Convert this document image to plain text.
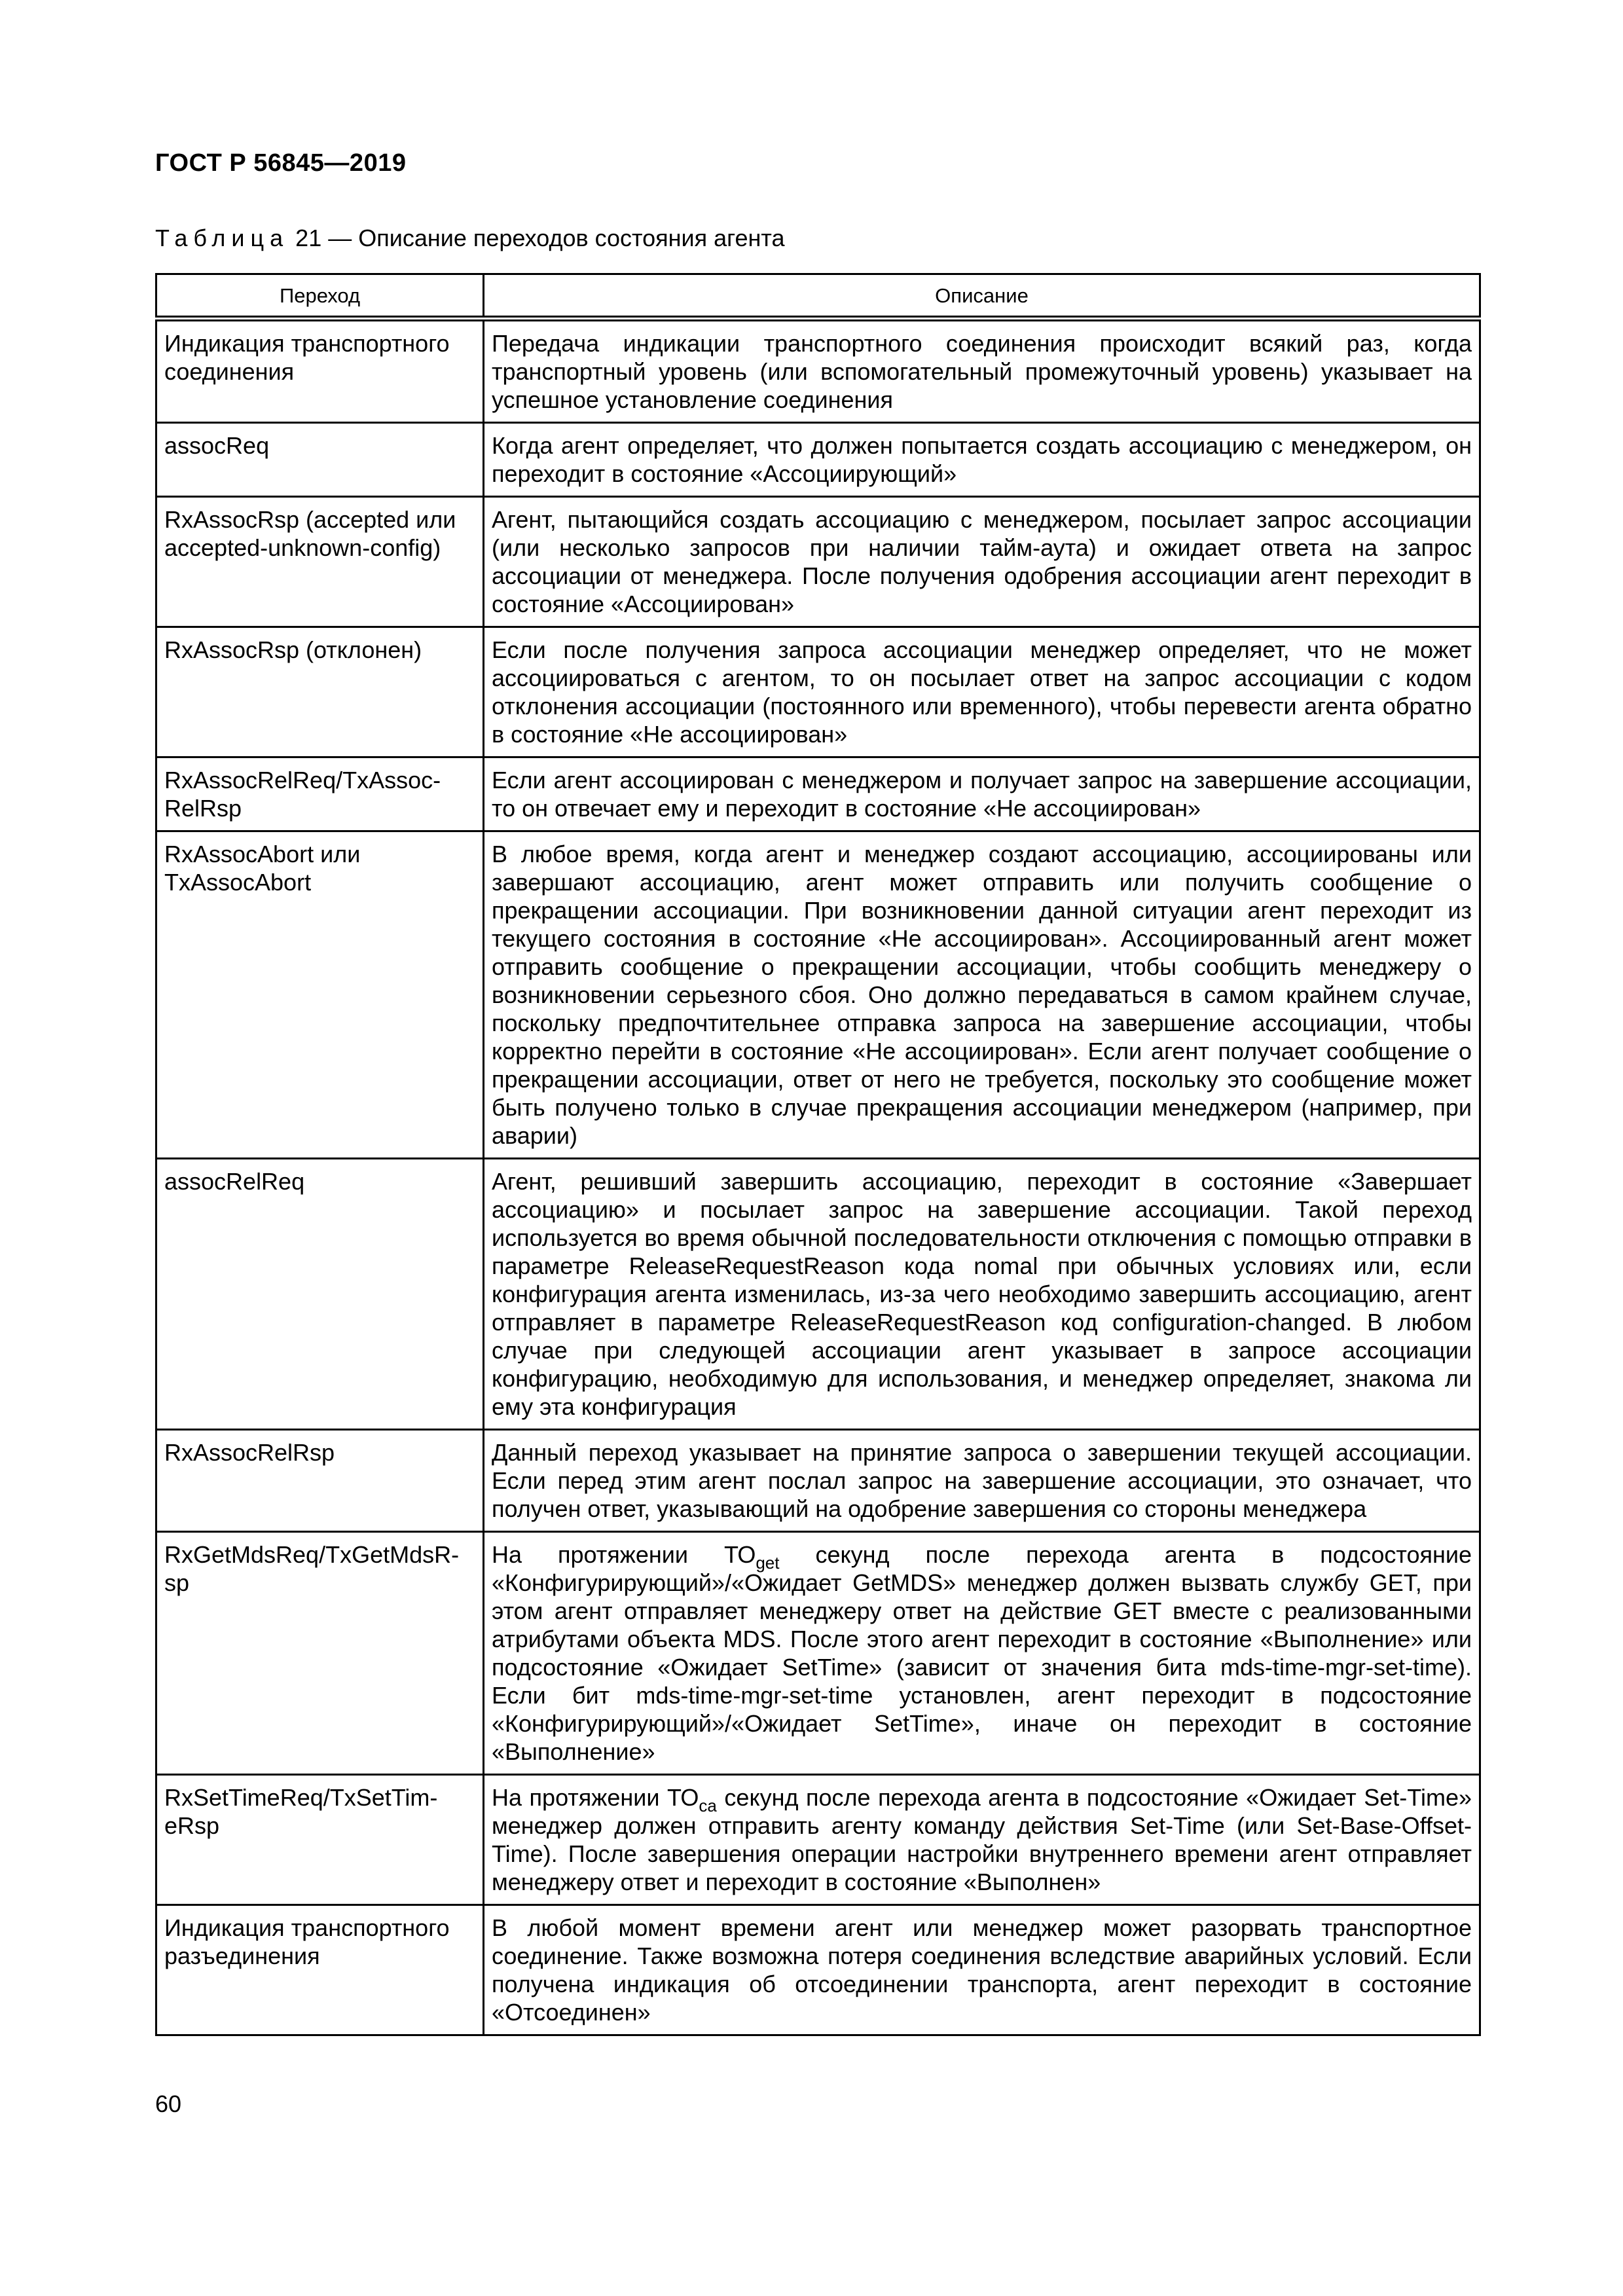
ГОСТ Р 56845—2019
Таблица 21 — Описание переходов состояния агента
Переход	Описание
Индикация транспортного соединения	Передача индикации транспортного соединения происходит всякий раз, когда транспортный уровень (или вспомогательный промежуточный уровень) указывает на успешное установление соединения
assocReq	Когда агент определяет, что должен попытается создать ассоциацию с менеджером, он переходит в состояние «Ассоциирующий»
RxAssocRsp (accepted или accepted-unknown-config)	Агент, пытающийся создать ассоциацию с менеджером, посылает запрос ассоциации (или несколько запросов при наличии тайм-аута) и ожидает ответа на запрос ассоциации от менеджера. После получения одобрения ассоциации агент переходит в состояние «Ассоциирован»
RxAssocRsp (отклонен)	Если после получения запроса ассоциации менеджер определяет, что не может ассоциироваться с агентом, то он посылает ответ на запрос ассоциации с кодом отклонения ассоциации (постоянного или временного), чтобы перевести агента обратно в состояние «Не ассоциирован»
RxAssocRelReq/TxAssoc-RelRsp	Если агент ассоциирован с менеджером и получает запрос на завершение ассоциации, то он отвечает ему и переходит в состояние «Не ассоциирован»
RxAssocAbort или TxAssocAbort	В любое время, когда агент и менеджер создают ассоциацию, ассоциированы или завершают ассоциацию, агент может отправить или получить сообщение о прекращении ассоциации. При возникновении данной ситуации агент переходит из текущего состояния в состояние «Не ассоциирован». Ассоциированный агент может отправить сообщение о прекращении ассоциации, чтобы сообщить менеджеру о возникновении серьезного сбоя. Оно должно передаваться в самом крайнем случае, поскольку предпочтительнее отправка запроса на завершение ассоциации, чтобы корректно перейти в состояние «Не ассоциирован». Если агент получает сообщение о прекращении ассоциации, ответ от него не требуется, поскольку это сообщение может быть получено только в случае прекращения ассоциации менеджером (например, при аварии)
assocRelReq	Агент, решивший завершить ассоциацию, переходит в состояние «Завершает ассоциацию» и посылает запрос на завершение ассоциации. Такой переход используется во время обычной последовательности отключения с помощью отправки в параметре ReleaseRequestReason кода nomal при обычных условиях или, если конфигурация агента изменилась, из-за чего необходимо завершить ассоциацию, агент отправляет в параметре ReleaseRequestReason код configuration-changed. В любом случае при следующей ассоциации агент указывает в запросе ассоциации конфигурацию, необходимую для использования, и менеджер определяет, знакома ли ему эта конфигурация
RxAssocRelRsp	Данный переход указывает на принятие запроса о завершении текущей ассоциации. Если перед этим агент послал запрос на завершение ассоциации, это означает, что получен ответ, указывающий на одобрение завершения со стороны менеджера
RxGetMdsReq/TxGetMdsR-sp	На протяжении $ТО_{get}$ секунд после перехода агента в подсостояние «Конфигурирующий»/«Ожидает GetMDS» менеджер должен вызвать службу GET, при этом агент отправляет менеджеру ответ на действие GET вместе с реализованными атрибутами объекта MDS. После этого агент переходит в состояние «Выполнение» или подсостояние «Ожидает SetTime» (зависит от значения бита mds-time-mgr-set-time). Если бит mds-time-mgr-set-time установлен, агент переходит в подсостояние «Конфигурирующий»/«Ожидает SetTime», иначе он переходит в состояние «Выполнение»
RxSetTimeReq/TxSetTim-eRsp	На протяжении $ТО_{ca}$ секунд после перехода агента в подсостояние «Ожидает Set-Time» менеджер должен отправить агенту команду действия Set-Time (или Set-Base-Offset-Time). После завершения операции настройки внутреннего времени агент отправляет менеджеру ответ и переходит в состояние «Выполнен»
Индикация транспортного разъединения	В любой момент времени агент или менеджер может разорвать транспортное соединение. Также возможна потеря соединения вследствие аварийных условий. Если получена индикация об отсоединении транспорта, агент переходит в состояние «Отсоединен»
60
